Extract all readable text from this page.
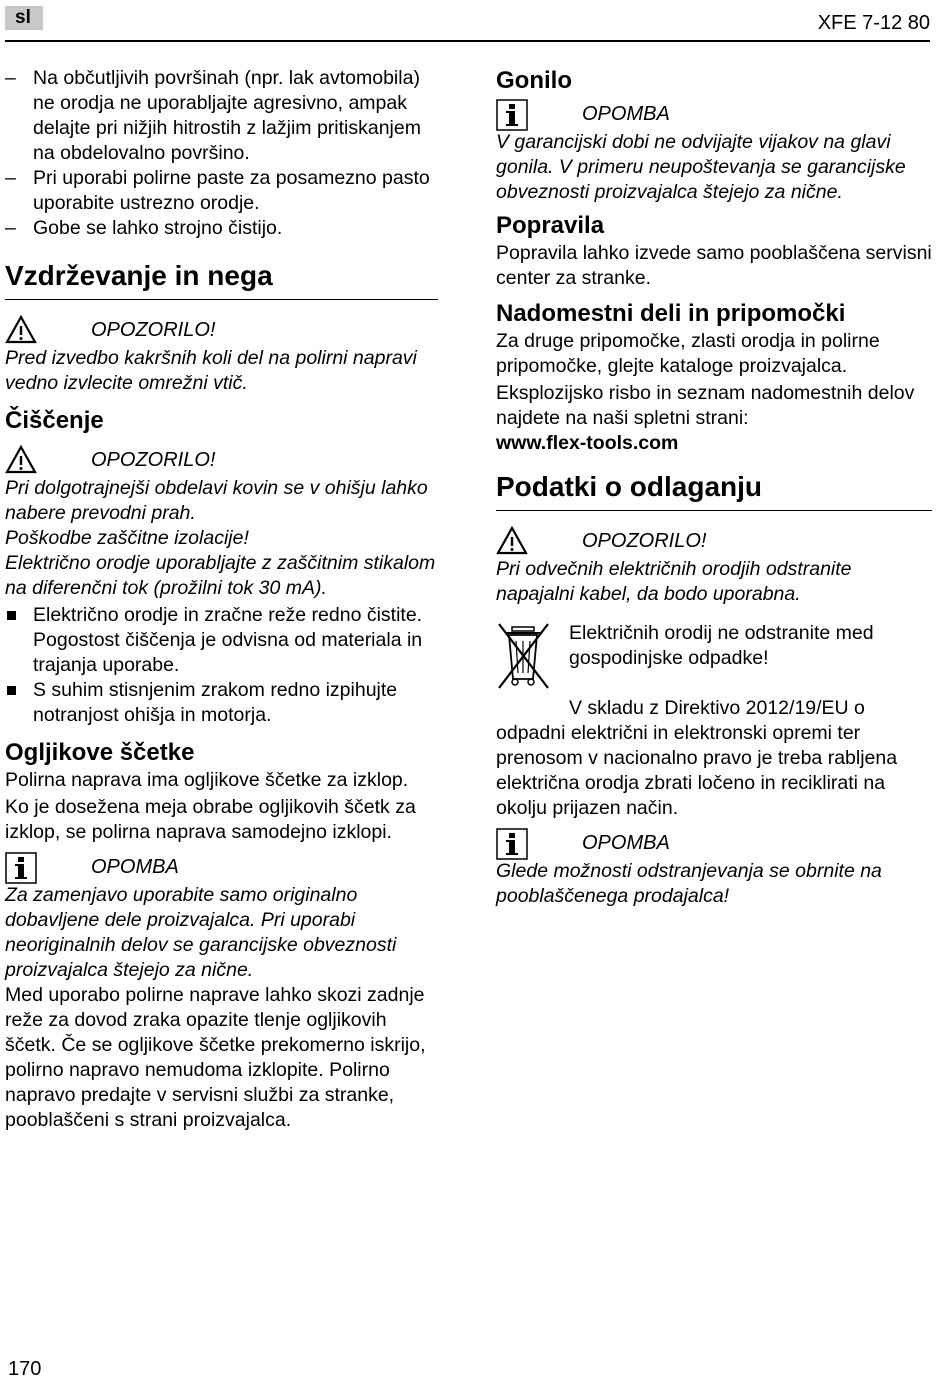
sl	XFE 7-12 80

– Na občutljivih površinah (npr. lak avtomobila) ne orodja ne uporabljajte agresivno, ampak delajte pri nižjih hitrostih z lažjim pritiskanjem na obdelovalno površino.

– Pri uporabi polirne paste za posamezno pasto uporabite ustrezno orodje.

– Gobe se lahko strojno čistijo.

Vzdrževanje in nega
OPOZORILO!

Pred izvedbo kakršnih koli del na polirni napravi vedno izvlecite omrežni vtič.

Čiščenje
OPOZORILO!

Pri dolgotrajnejši obdelavi kovin se v ohišju lahko nabere prevodni prah.

Poškodbe zaščitne izolacije!

Električno orodje uporabljajte z zaščitnim stikalom na diferenčni tok (prožilni tok 30 mA).

Električno orodje in zračne reže redno čistite. Pogostost čiščenja je odvisna od materiala in trajanja uporabe.

S suhim stisnjenim zrakom redno izpihujte notranjost ohišja in motorja.

Ogljikove ščetke

Polirna naprava ima ogljikove ščetke za izklop.

Ko je dosežena meja obrabe ogljikovih ščetk za izklop, se polirna naprava samodejno izklopi.

OPOMBA

Za zamenjavo uporabite samo originalno dobavljene dele proizvajalca. Pri uporabi neoriginalnih delov se garancijske obveznosti proizvajalca štejejo za nične.

Med uporabo polirne naprave lahko skozi zadnje reže za dovod zraka opazite tlenje ogljikovih ščetk. Če se ogljikove ščetke prekomerno iskrijo, polirno napravo nemudoma izklopite. Polirno napravo predajte v servisni službi za stranke, pooblaščeni s strani proizvajalca.

Gonilo
OPOMBA

V garancijski dobi ne odvijajte vijakov na glavi gonila. V primeru neupoštevanja se garancijske obveznosti proizvajalca štejejo za nične.

Popravila

Popravila lahko izvede samo pooblaščena servisni center za stranke.

Nadomestni deli in pripomočki

Za druge pripomočke, zlasti orodja in polirne pripomočke, glejte kataloge proizvajalca.

Eksplozijsko risbo in seznam nadomestnih delov najdete na naši spletni strani:

www.flex-tools.com

Podatki o odlaganju
OPOZORILO!

Pri odvečnih električnih orodjih odstranite napajalni kabel, da bodo uporabna.

Električnih orodij ne odstranite med gospodinjske odpadke!

V skladu z Direktivo 2012/19/EU o odpadni električni in elektronski opremi ter prenosom v nacionalno pravo je treba rabljena električna orodja zbrati ločeno in reciklirati na okolju prijazen način.

OPOMBA

Glede možnosti odstranjevanja se obrnite na pooblaščenega prodajalca!

170
